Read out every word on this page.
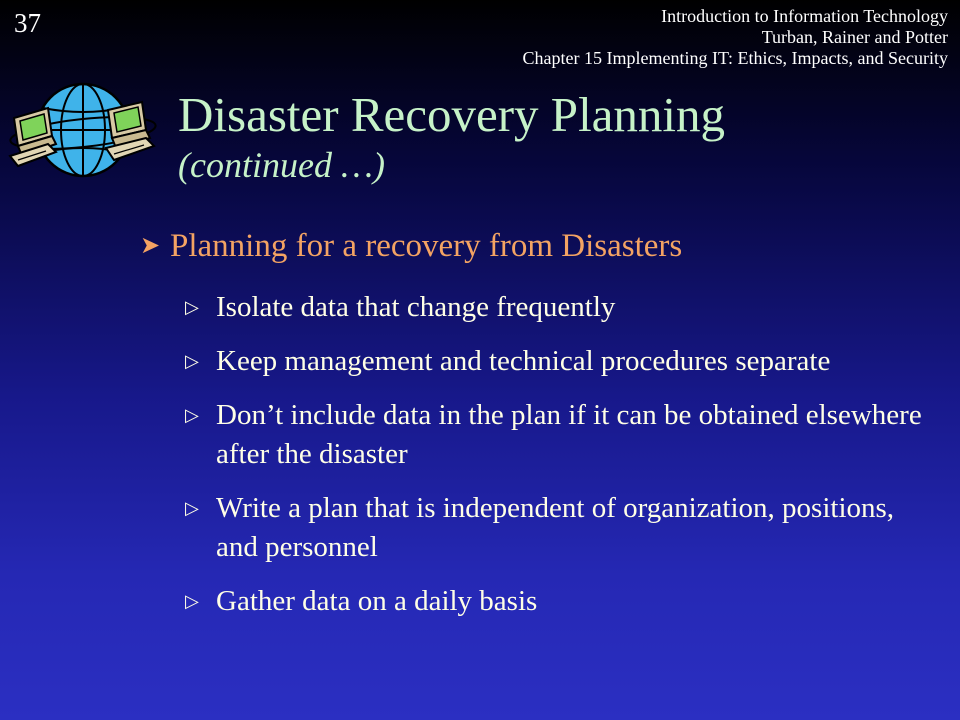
37	Introduction to Information Technology
Turban, Rainer and Potter
Chapter 15 Implementing IT: Ethics, Impacts, and Security
Disaster Recovery Planning
(continued …)
➤ Planning for a recovery from Disasters
▷ Isolate data that change frequently
▷ Keep management and technical procedures separate
▷ Don’t include data in the plan if it can be obtained elsewhere after the disaster
▷ Write a plan that is independent of organization, positions, and personnel
▷ Gather data on a daily basis
